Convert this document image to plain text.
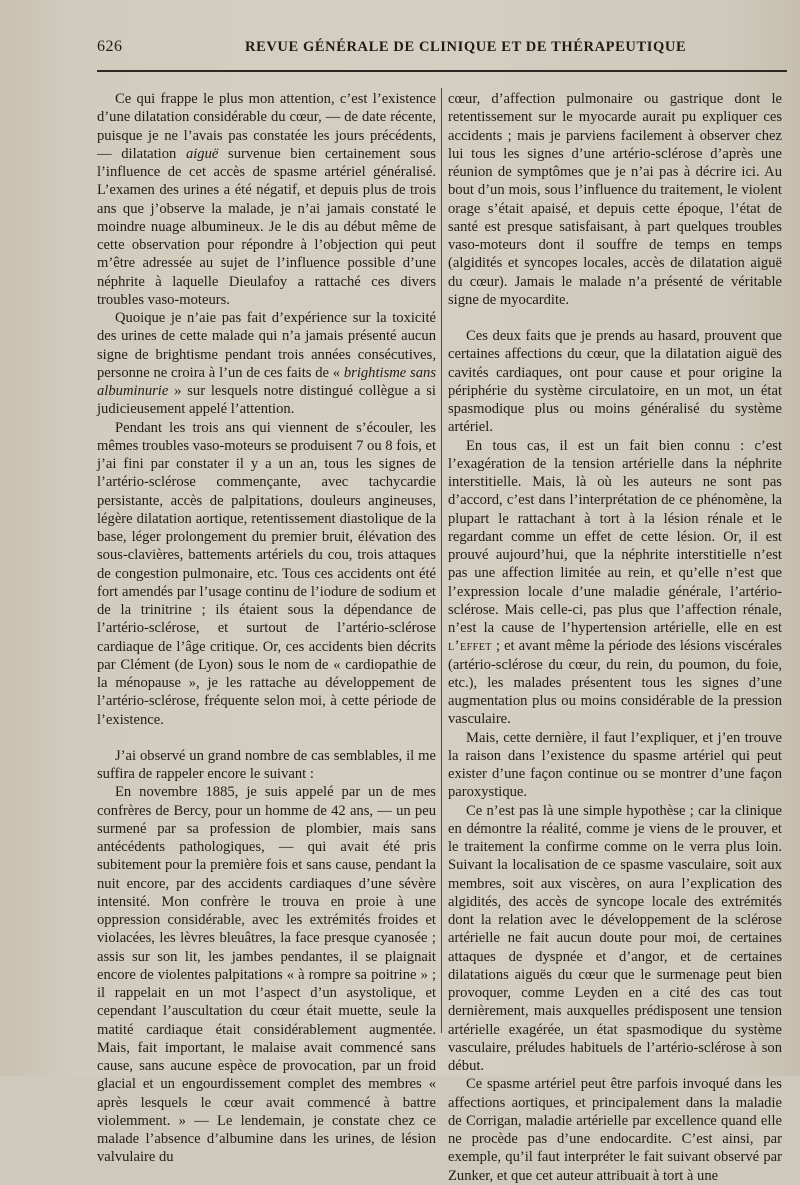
626	REVUE GÉNÉRALE DE CLINIQUE ET DE THÉRAPEUTIQUE

Ce qui frappe le plus mon attention, c’est l’existence d’une dilatation considérable du cœur, — de date récente, puisque je ne l’avais pas constatée les jours précédents, — dilatation aiguë survenue bien certainement sous l’influence de cet accès de spasme artériel généralisé. L’examen des urines a été négatif, et depuis plus de trois ans que j’observe la malade, je n’ai jamais constaté le moindre nuage albumineux. Je le dis au début même de cette observation pour répondre à l’objection qui peut m’être adressée au sujet de l’influence possible d’une néphrite à laquelle Dieulafoy a rattaché ces divers troubles vaso-moteurs.

Quoique je n’aie pas fait d’expérience sur la toxicité des urines de cette malade qui n’a jamais présenté aucun signe de brightisme pendant trois années consécutives, personne ne croira à l’un de ces faits de « brightisme sans albuminurie » sur lesquels notre distingué collègue a si judicieusement appelé l’attention.

Pendant les trois ans qui viennent de s’écouler, les mêmes troubles vaso-moteurs se produisent 7 ou 8 fois, et j’ai fini par constater il y a un an, tous les signes de l’artério-sclérose commençante, avec tachycardie persistante, accès de palpitations, douleurs angineuses, légère dilatation aortique, retentissement diastolique de la base, léger prolongement du premier bruit, élévation des sous-clavières, battements artériels du cou, trois attaques de congestion pulmonaire, etc. Tous ces accidents ont été fort amendés par l’usage continu de l’iodure de sodium et de la trinitrine ; ils étaient sous la dépendance de l’artério-sclérose, et surtout de l’artério-sclérose cardiaque de l’âge critique. Or, ces accidents bien décrits par Clément (de Lyon) sous le nom de « cardiopathie de la ménopause », je les rattache au développement de l’artério-sclérose, fréquente selon moi, à cette période de l’existence.

J’ai observé un grand nombre de cas semblables, il me suffira de rappeler encore le suivant :

En novembre 1885, je suis appelé par un de mes confrères de Bercy, pour un homme de 42 ans, — un peu surmené par sa profession de plombier, mais sans antécédents pathologiques, — qui avait été pris subitement pour la première fois et sans cause, pendant la nuit encore, par des accidents cardiaques d’une sévère intensité. Mon confrère le trouva en proie à une oppression considérable, avec les extrémités froides et violacées, les lèvres bleuâtres, la face presque cyanosée ; assis sur son lit, les jambes pendantes, il se plaignait encore de violentes palpitations « à rompre sa poitrine » ; il rappelait en un mot l’aspect d’un asystolique, et cependant l’auscultation du cœur était muette, seule la matité cardiaque était considérablement augmentée. Mais, fait important, le malaise avait commencé sans cause, sans aucune espèce de provocation, par un froid glacial et un engourdissement complet des membres « après lesquels le cœur avait commencé à battre violemment. » — Le lendemain, je constate chez ce malade l’absence d’albumine dans les urines, de lésion valvulaire du

cœur, d’affection pulmonaire ou gastrique dont le retentissement sur le myocarde aurait pu expliquer ces accidents ; mais je parviens facilement à observer chez lui tous les signes d’une artério-sclérose d’après une réunion de symptômes que je n’ai pas à décrire ici. Au bout d’un mois, sous l’influence du traitement, le violent orage s’était apaisé, et depuis cette époque, l’état de santé est presque satisfaisant, à part quelques troubles vaso-moteurs dont il souffre de temps en temps (algidités et syncopes locales, accès de dilatation aiguë du cœur). Jamais le malade n’a présenté de véritable signe de myocardite.

Ces deux faits que je prends au hasard, prouvent que certaines affections du cœur, que la dilatation aiguë des cavités cardiaques, ont pour cause et pour origine la périphérie du système circulatoire, en un mot, un état spasmodique plus ou moins généralisé du système artériel.

En tous cas, il est un fait bien connu : c’est l’exagération de la tension artérielle dans la néphrite interstitielle. Mais, là où les auteurs ne sont pas d’accord, c’est dans l’interprétation de ce phénomène, la plupart le rattachant à tort à la lésion rénale et le regardant comme un effet de cette lésion. Or, il est prouvé aujourd’hui, que la néphrite interstitielle n’est pas une affection limitée au rein, et qu’elle n’est que l’expression locale d’une maladie générale, l’artério-sclérose. Mais celle-ci, pas plus que l’affection rénale, n’est la cause de l’hypertension artérielle, elle en est l’effet ; et avant même la période des lésions viscérales (artério-sclérose du cœur, du rein, du poumon, du foie, etc.), les malades présentent tous les signes d’une augmentation plus ou moins considérable de la pression vasculaire.

Mais, cette dernière, il faut l’expliquer, et j’en trouve la raison dans l’existence du spasme artériel qui peut exister d’une façon continue ou se montrer d’une façon paroxystique.

Ce n’est pas là une simple hypothèse ; car la clinique en démontre la réalité, comme je viens de le prouver, et le traitement la confirme comme on le verra plus loin. Suivant la localisation de ce spasme vasculaire, soit aux membres, soit aux viscères, on aura l’explication des algidités, des accès de syncope locale des extrémités dont la relation avec le développement de la sclérose artérielle ne fait aucun doute pour moi, de certaines attaques de dyspnée et d’angor, et de certaines dilatations aiguës du cœur que le surmenage peut bien provoquer, comme Leyden en a cité des cas tout dernièrement, mais auxquelles prédisposent une tension artérielle exagérée, un état spasmodique du système vasculaire, préludes habituels de l’artério-sclérose à son début.

Ce spasme artériel peut être parfois invoqué dans les affections aortiques, et principalement dans la maladie de Corrigan, maladie artérielle par excellence quand elle ne procède pas d’une endocardite. C’est ainsi, par exemple, qu’il faut interpréter le fait suivant observé par Zunker, et que cet auteur attribuait à tort à une
